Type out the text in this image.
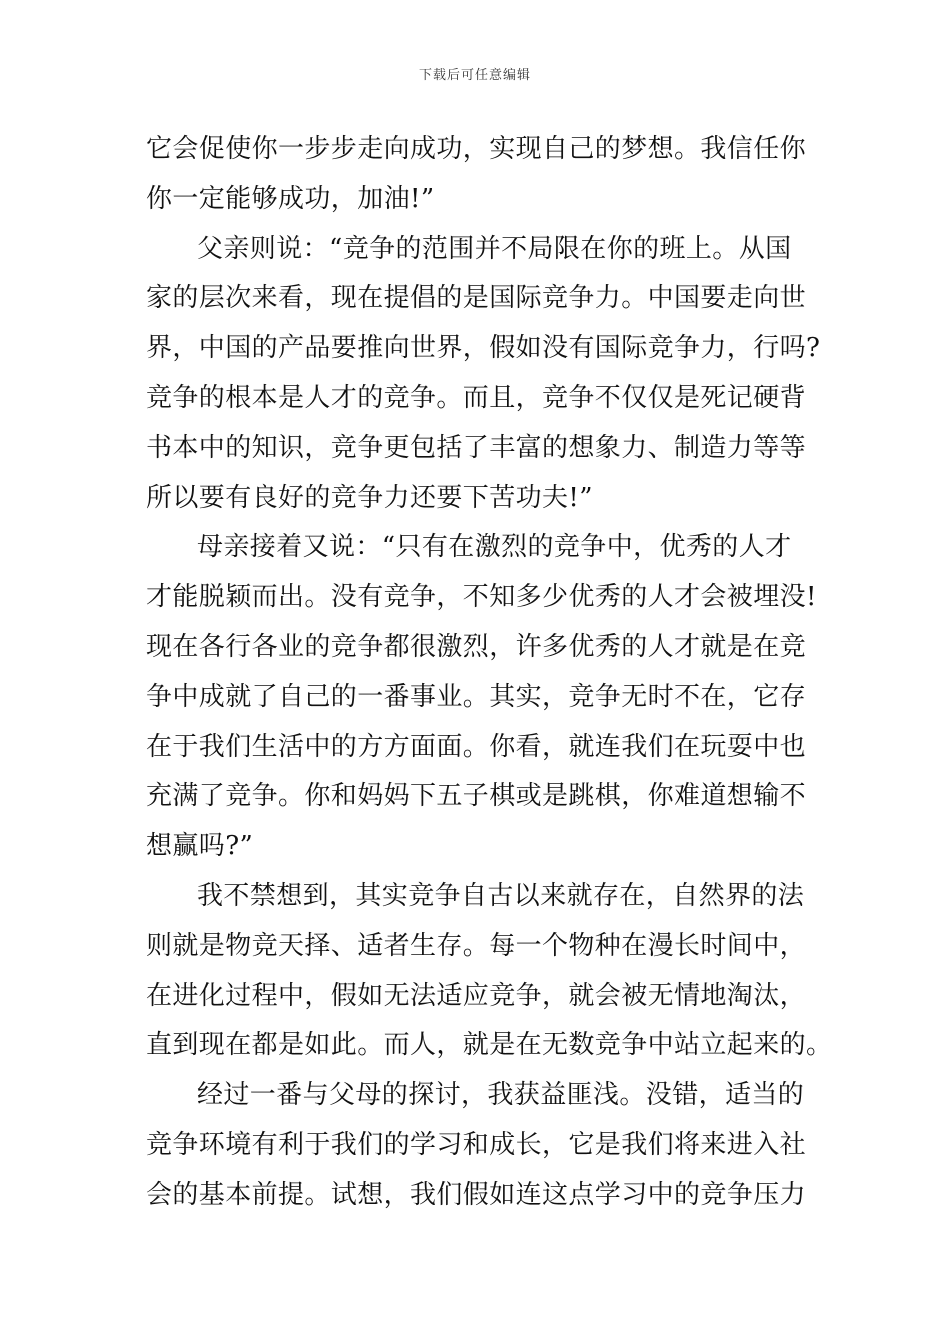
下载后可任意编辑
它会促使你一步步走向成功，实现自己的梦想。我信任你
你一定能够成功，加油!”
父亲则说：“竞争的范围并不局限在你的班上。从国
家的层次来看，现在提倡的是国际竞争力。中国要走向世
界，中国的产品要推向世界，假如没有国际竞争力，行吗?
竞争的根本是人才的竞争。而且，竞争不仅仅是死记硬背
书本中的知识，竞争更包括了丰富的想象力、制造力等等
所以要有良好的竞争力还要下苦功夫!”
母亲接着又说：“只有在激烈的竞争中，优秀的人才
才能脱颖而出。没有竞争，不知多少优秀的人才会被埋没!
现在各行各业的竞争都很激烈，许多优秀的人才就是在竞
争中成就了自己的一番事业。其实，竞争无时不在，它存
在于我们生活中的方方面面。你看，就连我们在玩耍中也
充满了竞争。你和妈妈下五子棋或是跳棋，你难道想输不
想赢吗?”
我不禁想到，其实竞争自古以来就存在，自然界的法
则就是物竞天择、适者生存。每一个物种在漫长时间中，
在进化过程中，假如无法适应竞争，就会被无情地淘汰，
直到现在都是如此。而人，就是在无数竞争中站立起来的。
经过一番与父母的探讨，我获益匪浅。没错，适当的
竞争环境有利于我们的学习和成长，它是我们将来进入社
会的基本前提。试想，我们假如连这点学习中的竞争压力
